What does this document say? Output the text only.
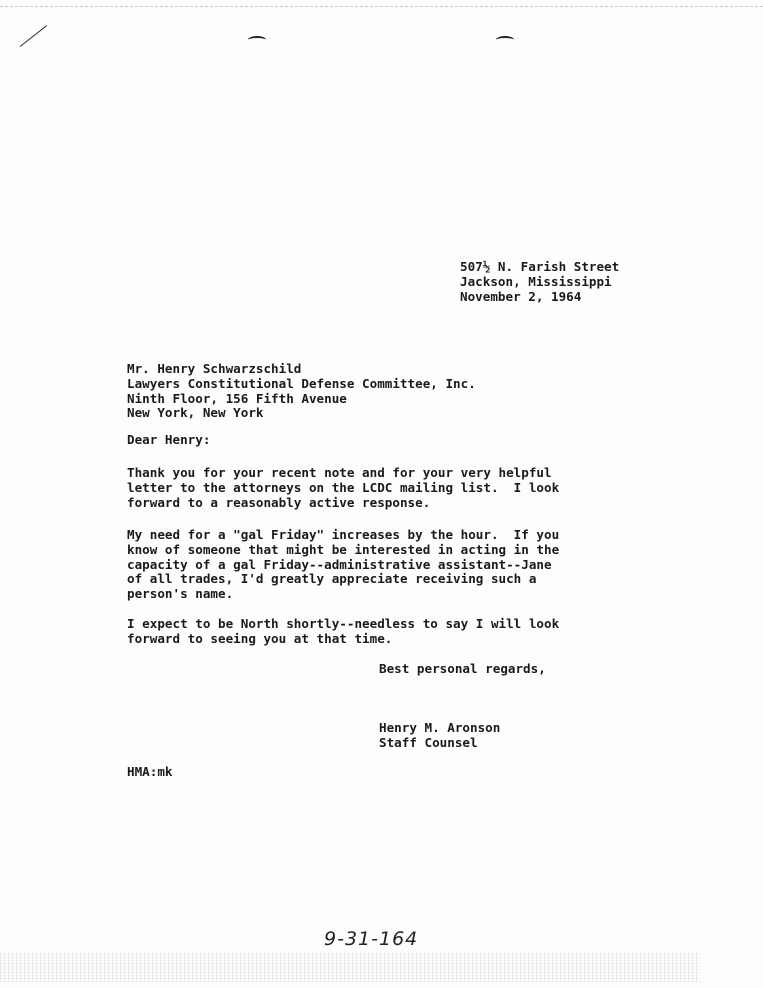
507½ N. Farish Street
Jackson, Mississippi
November 2, 1964
Mr. Henry Schwarzschild
Lawyers Constitutional Defense Committee, Inc.
Ninth Floor, 156 Fifth Avenue
New York, New York
Dear Henry:
Thank you for your recent note and for your very helpful
letter to the attorneys on the LCDC mailing list.  I look
forward to a reasonably active response.
My need for a "gal Friday" increases by the hour.  If you
know of someone that might be interested in acting in the
capacity of a gal Friday--administrative assistant--Jane
of all trades, I'd greatly appreciate receiving such a
person's name.
I expect to be North shortly--needless to say I will look
forward to seeing you at that time.
Best personal regards,
Henry M. Aronson
Staff Counsel
HMA:mk
9-31-164
